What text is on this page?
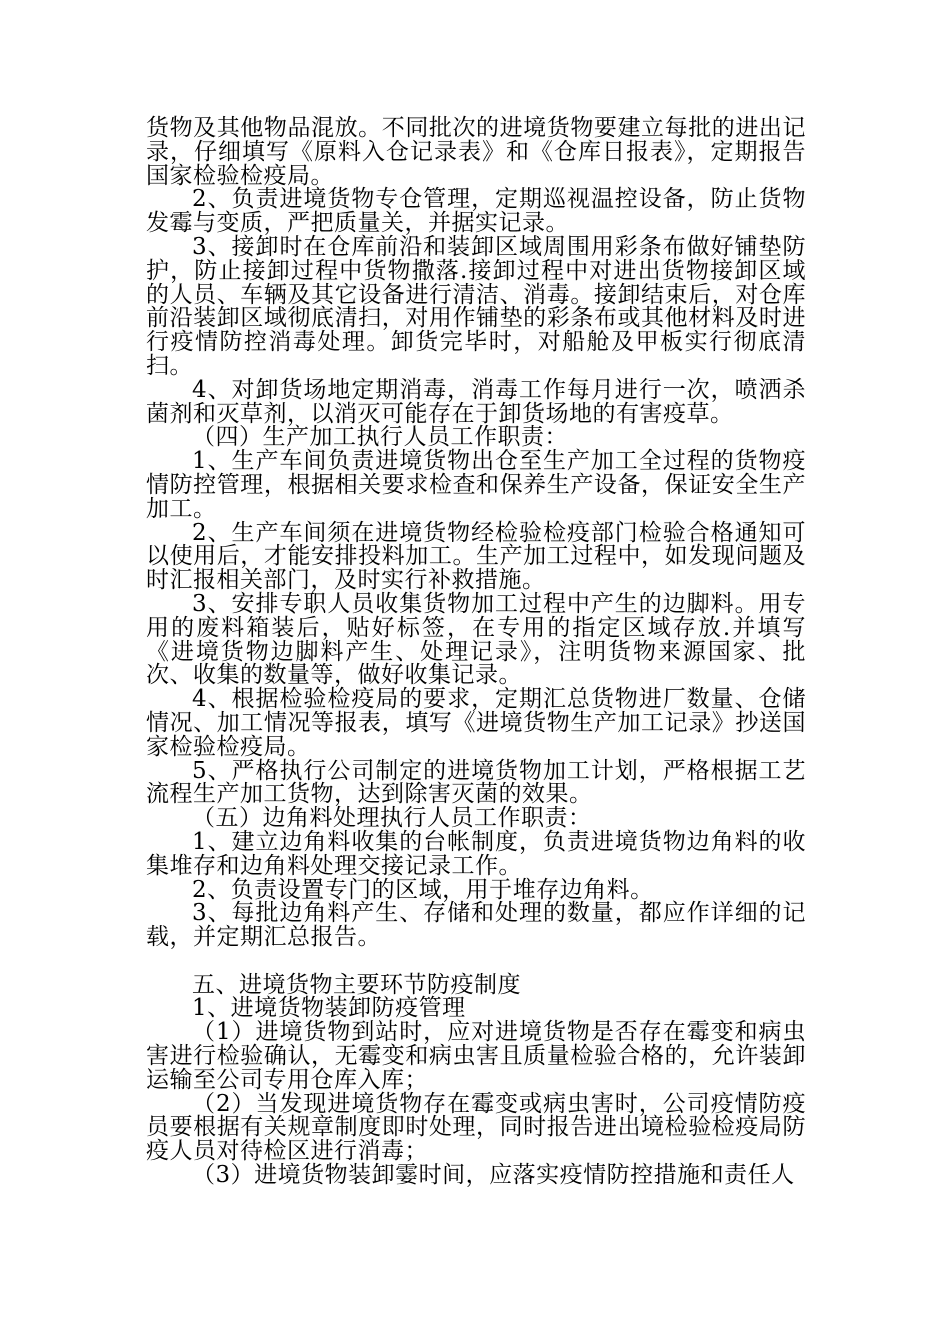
货物及其他物品混放。不同批次的进境货物要建立每批的进出记录，仔细填写《原料入仓记录表》和《仓库日报表》，定期报告国家检验检疫局。

2、负责进境货物专仓管理，定期巡视温控设备，防止货物发霉与变质，严把质量关，并据实记录。

3、接卸时在仓库前沿和装卸区域周围用彩条布做好铺垫防护，防止接卸过程中货物撒落.接卸过程中对进出货物接卸区域的人员、车辆及其它设备进行清洁、消毒。接卸结束后，对仓库前沿装卸区域彻底清扫，对用作铺垫的彩条布或其他材料及时进行疫情防控消毒处理。卸货完毕时，对船舱及甲板实行彻底清扫。

4、对卸货场地定期消毒，消毒工作每月进行一次，喷洒杀菌剂和灭草剂，以消灭可能存在于卸货场地的有害疫草。

（四）生产加工执行人员工作职责：

1、生产车间负责进境货物出仓至生产加工全过程的货物疫情防控管理，根据相关要求检查和保养生产设备，保证安全生产加工。

2、生产车间须在进境货物经检验检疫部门检验合格通知可以使用后，才能安排投料加工。生产加工过程中，如发现问题及时汇报相关部门，及时实行补救措施。

3、安排专职人员收集货物加工过程中产生的边脚料。用专用的废料箱装后，贴好标签，在专用的指定区域存放.并填写《进境货物边脚料产生、处理记录》，注明货物来源国家、批次、收集的数量等，做好收集记录。

4、根据检验检疫局的要求，定期汇总货物进厂数量、仓储情况、加工情况等报表，填写《进境货物生产加工记录》抄送国家检验检疫局。

5、严格执行公司制定的进境货物加工计划，严格根据工艺流程生产加工货物，达到除害灭菌的效果。

（五）边角料处理执行人员工作职责：

1、建立边角料收集的台帐制度，负责进境货物边角料的收集堆存和边角料处理交接记录工作。

2、负责设置专门的区域，用于堆存边角料。

3、每批边角料产生、存储和处理的数量，都应作详细的记载，并定期汇总报告。

五、进境货物主要环节防疫制度

1、进境货物装卸防疫管理

（1）进境货物到站时，应对进境货物是否存在霉变和病虫害进行检验确认，无霉变和病虫害且质量检验合格的，允许装卸运输至公司专用仓库入库；

（2）当发现进境货物存在霉变或病虫害时，公司疫情防疫员要根据有关规章制度即时处理，同时报告进出境检验检疫局防疫人员对待检区进行消毒；

（3）进境货物装卸霎时间，应落实疫情防控措施和责任人
